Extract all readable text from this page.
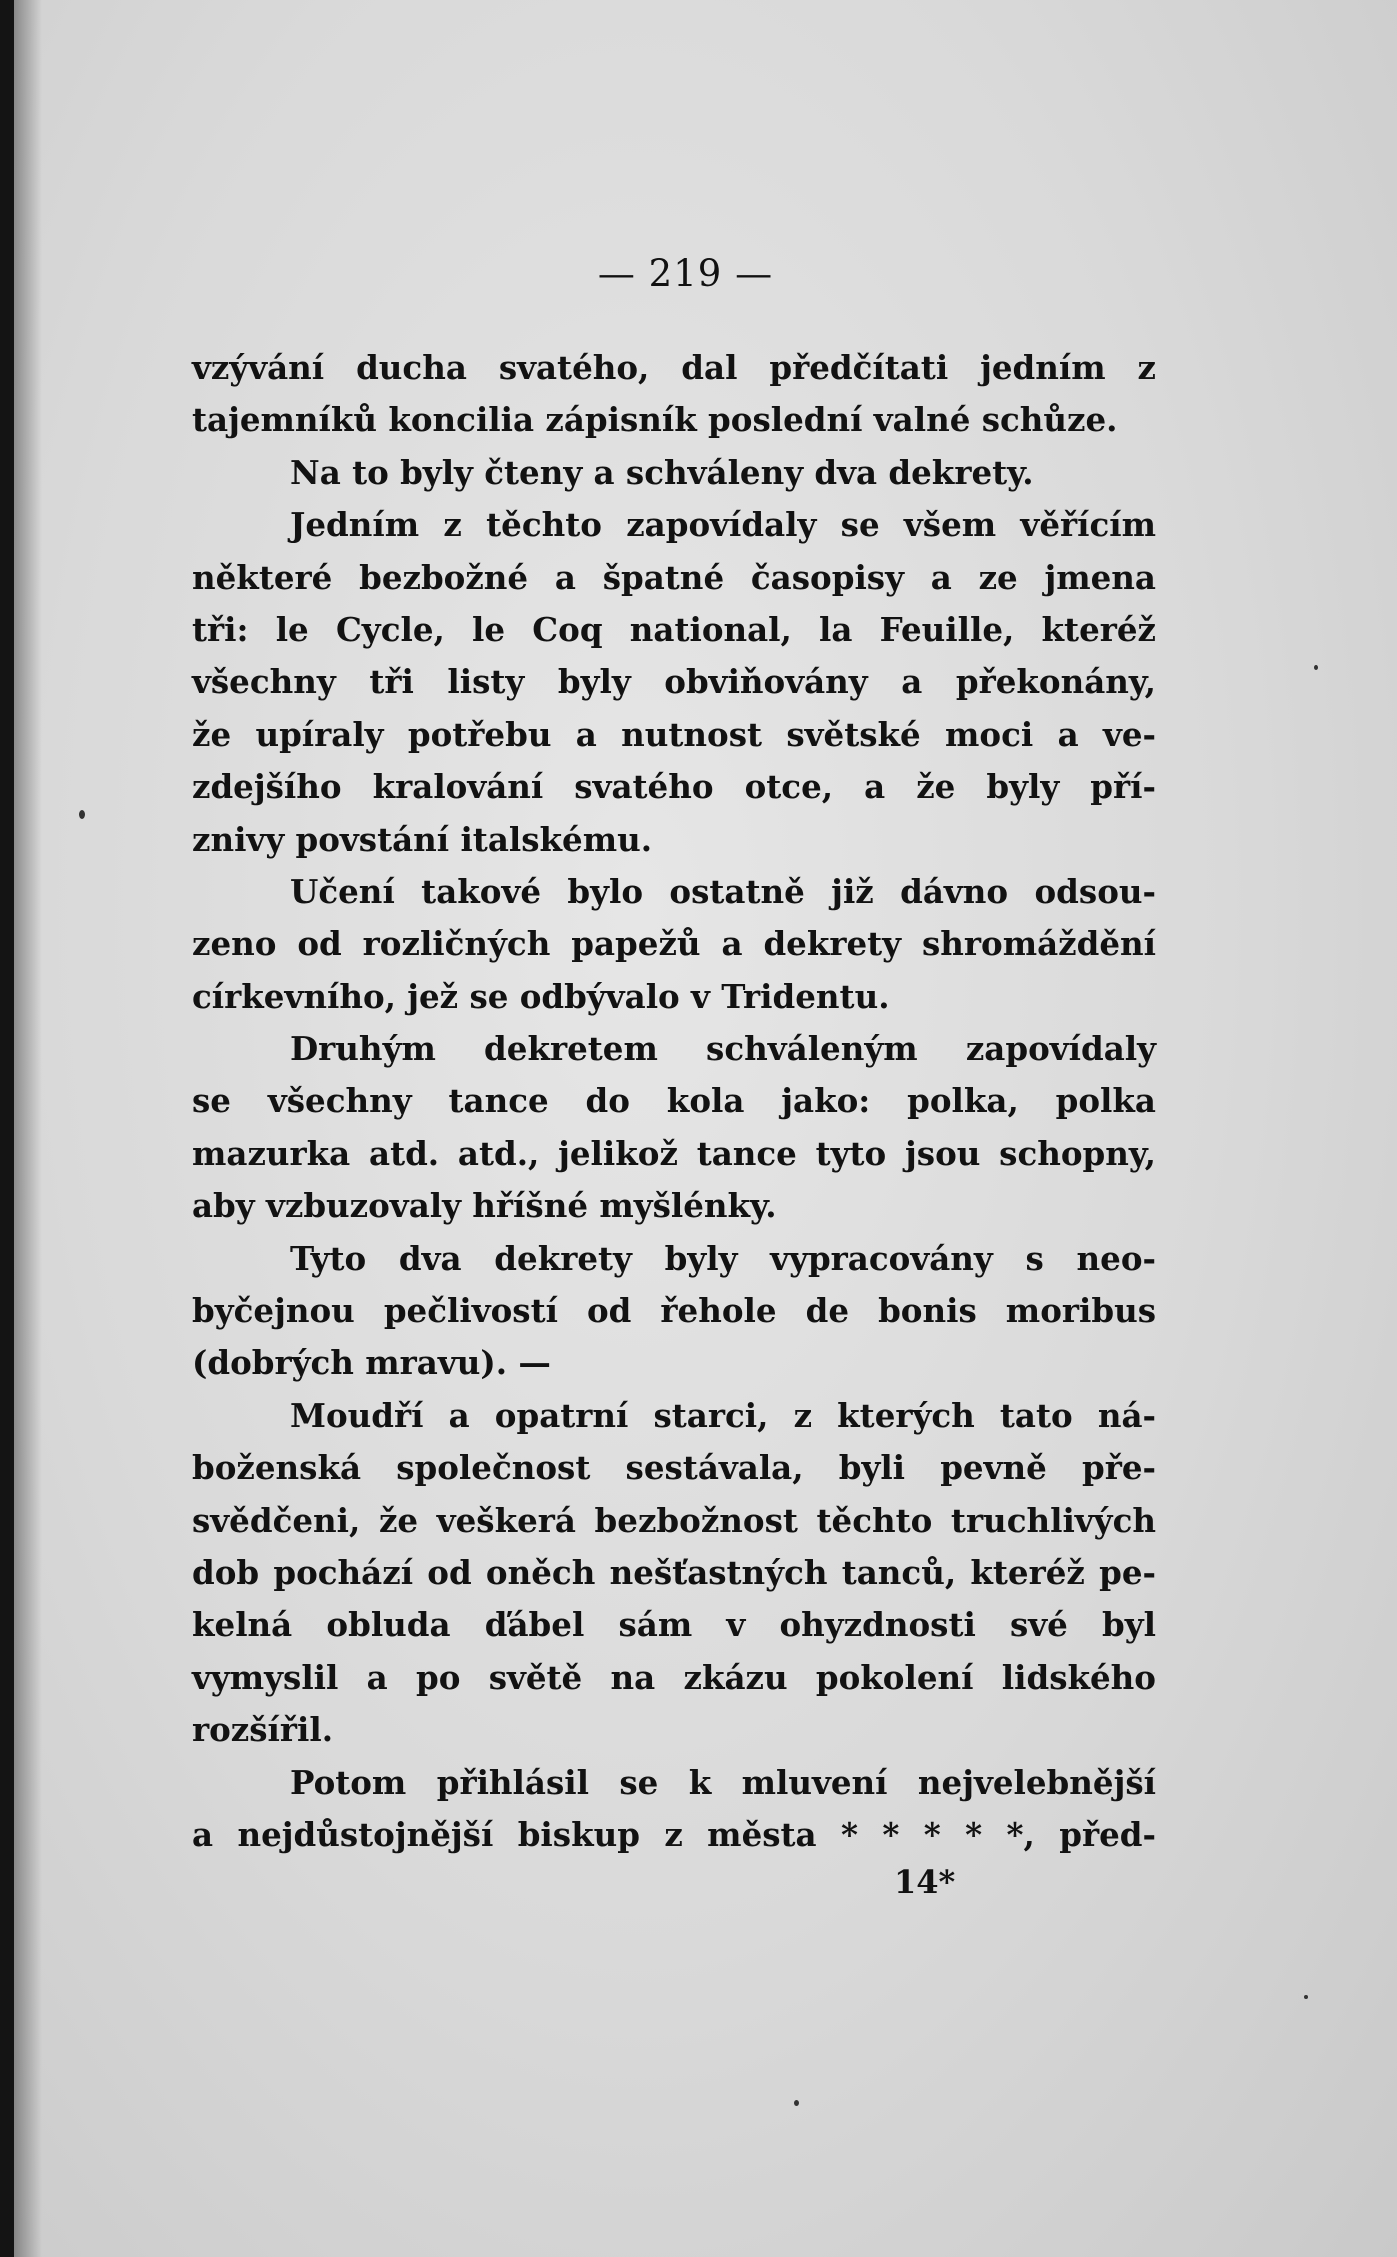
— 219 —
vzývání ducha svatého, dal předčítati jedním z
tajemníků koncilia zápisník poslední valné schůze.
Na to byly čteny a schváleny dva dekrety.
Jedním z těchto zapovídaly se všem věřícím
některé bezbožné a špatné časopisy a ze jmena
tři: le Cycle, le Coq national, la Feuille, kteréž
všechny tři listy byly obviňovány a překonány,
že upíraly potřebu a nutnost světské moci a ve-
zdejšího kralování svatého otce, a že byly pří-
znivy povstání italskému.
Učení takové bylo ostatně již dávno odsou-
zeno od rozličných papežů a dekrety shromáždění
církevního, jež se odbývalo v Tridentu.
Druhým dekretem schváleným zapovídaly
se všechny tance do kola jako: polka, polka
mazurka atd. atd., jelikož tance tyto jsou schopny,
aby vzbuzovaly hříšné myšlénky.
Tyto dva dekrety byly vypracovány s neo-
byčejnou pečlivostí od řehole de bonis moribus
(dobrých mravu). —
Moudří a opatrní starci, z kterých tato ná-
boženská společnost sestávala, byli pevně pře-
svědčeni, že veškerá bezbožnost těchto truchlivých
dob pochází od oněch nešťastných tanců, kteréž pe-
kelná obluda ďábel sám v ohyzdnosti své byl
vymyslil a po světě na zkázu pokolení lidského
rozšířil.
Potom přihlásil se k mluvení nejvelebnější
a nejdůstojnější biskup z města * * * * *, před-
14*
